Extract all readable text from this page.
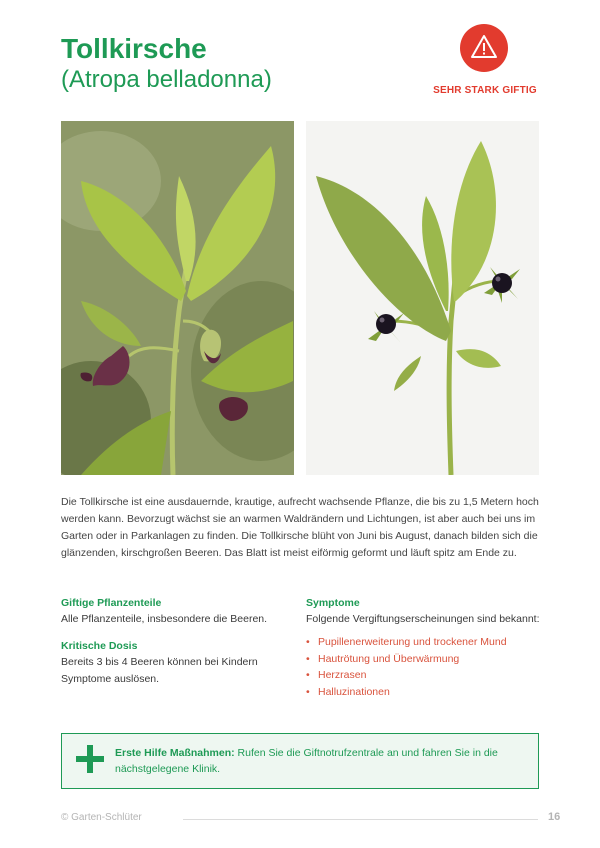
Tollkirsche
(Atropa belladonna)	SEHR STARK GIFTIG
Die Tollkirsche ist eine ausdauernde, krautige, aufrecht wachsende Pflanze, die bis zu 1,5 Metern hoch werden kann. Bevorzugt wächst sie an warmen Waldrändern und Lichtungen, ist aber auch bei uns im Garten oder in Parkanlagen zu finden. Die Tollkirsche blüht von Juni bis August, danach bilden sich die glänzenden, kirschgroßen Beeren. Das Blatt ist meist eiförmig geformt und läuft spitz am Ende zu.
Giftige Pflanzenteile
Alle Pflanzenteile, insbesondere die Beeren.
Kritische Dosis
Bereits 3 bis 4 Beeren können bei Kindern Symptome auslösen.
Symptome
Folgende Vergiftungserscheinungen sind bekannt:
• Pupillenerweiterung und trockener Mund
• Hautrötung und Überwärmung
• Herzrasen
• Halluzinationen
Erste Hilfe Maßnahmen: Rufen Sie die Giftnotrufzentrale an und fahren Sie in die nächstgelegene Klinik.
© Garten-Schlüter	16
